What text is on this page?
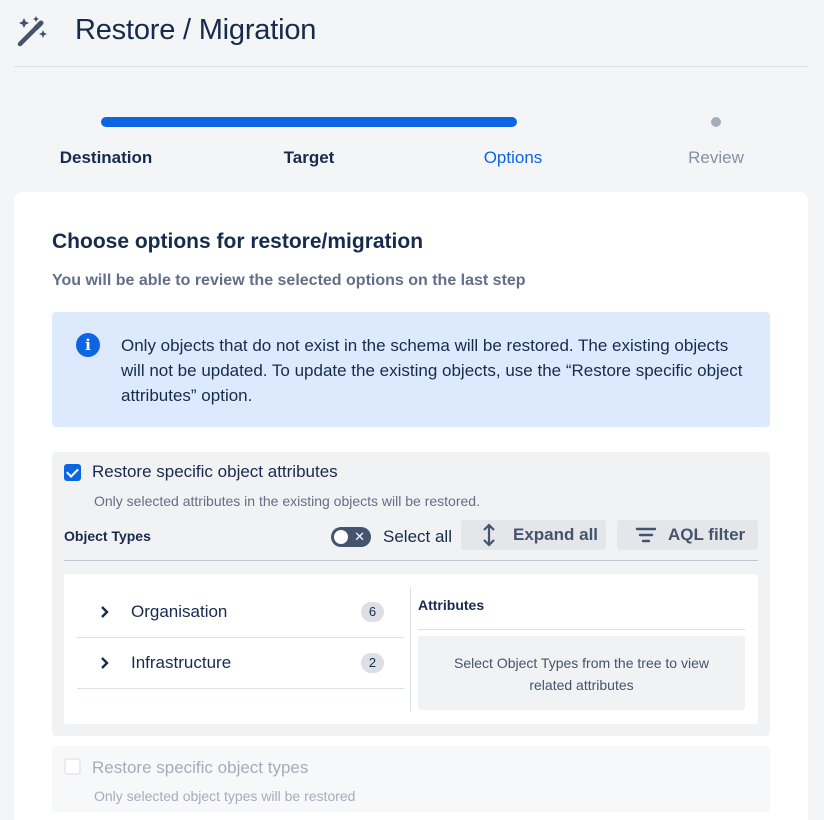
Restore / Migration
Destination	Target	Options	Review
Choose options for restore/migration
You will be able to review the selected options on the last step
i	Only objects that do not exist in the schema will be restored. The existing objects will not be updated. To update the existing objects, use the “Restore specific object attributes” option.
Restore specific object attributes
Only selected attributes in the existing objects will be restored.
Object Types	✕ Select all	Expand all	AQL filter
Organisation	6
Infrastructure	2
Attributes
Select Object Types from the tree to view related attributes
Restore specific object types
Only selected object types will be restored
